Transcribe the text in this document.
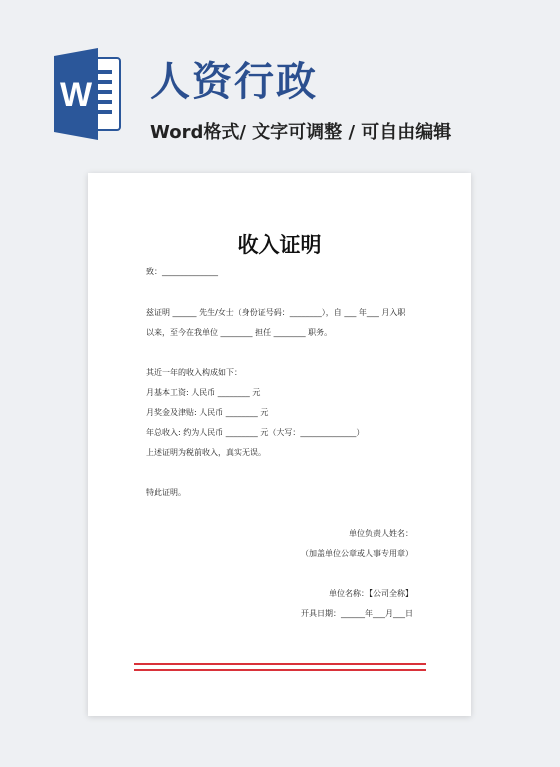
W 人资行政
Word格式/ 文字可调整 / 可自由编辑
收入证明
致：______________
兹证明 ______ 先生/女士（身份证号码：________），自 ___ 年___ 月入职
以来，至今在我单位 ________ 担任 ________ 职务。
其近一年的收入构成如下：
月基本工资: 人民币 ________ 元
月奖金及津贴: 人民币 ________ 元
年总收入: 约为人民币 ________ 元（大写：______________）
上述证明为税前收入，真实无误。
特此证明。
单位负责人姓名：
（加盖单位公章或人事专用章）
单位名称：【公司全称】
开具日期：______年___月___日
